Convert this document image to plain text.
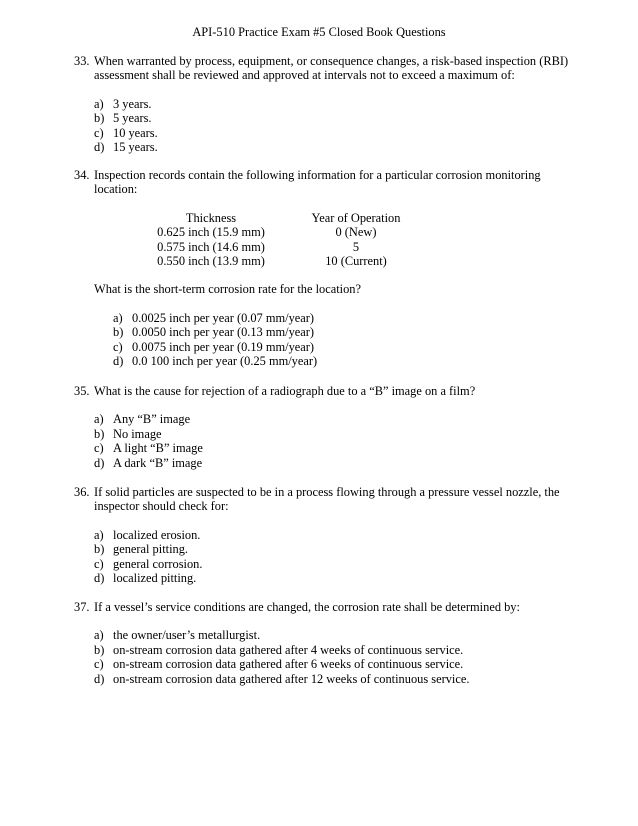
API-510 Practice Exam #5 Closed Book Questions
33. When warranted by process, equipment, or consequence changes, a risk-based inspection (RBI) assessment shall be reviewed and approved at intervals not to exceed a maximum of:
a) 3 years.
b) 5 years.
c) 10 years.
d) 15 years.
34. Inspection records contain the following information for a particular corrosion monitoring location:
Thickness
0.625 inch (15.9 mm)
0.575 inch (14.6 mm)
0.550 inch (13.9 mm)
Year of Operation
0 (New)
5
10 (Current)
What is the short-term corrosion rate for the location?
a) 0.0025 inch per year (0.07 mm/year)
b) 0.0050 inch per year (0.13 mm/year)
c) 0.0075 inch per year (0.19 mm/year)
d) 0.0 100 inch per year (0.25 mm/year)
35. What is the cause for rejection of a radiograph due to a “B” image on a film?
a) Any “B” image
b) No image
c) A light “B” image
d) A dark “B” image
36. If solid particles are suspected to be in a process flowing through a pressure vessel nozzle, the inspector should check for:
a) localized erosion.
b) general pitting.
c) general corrosion.
d) localized pitting.
37. If a vessel’s service conditions are changed, the corrosion rate shall be determined by:
a) the owner/user’s metallurgist.
b) on-stream corrosion data gathered after 4 weeks of continuous service.
c) on-stream corrosion data gathered after 6 weeks of continuous service.
d) on-stream corrosion data gathered after 12 weeks of continuous service.
